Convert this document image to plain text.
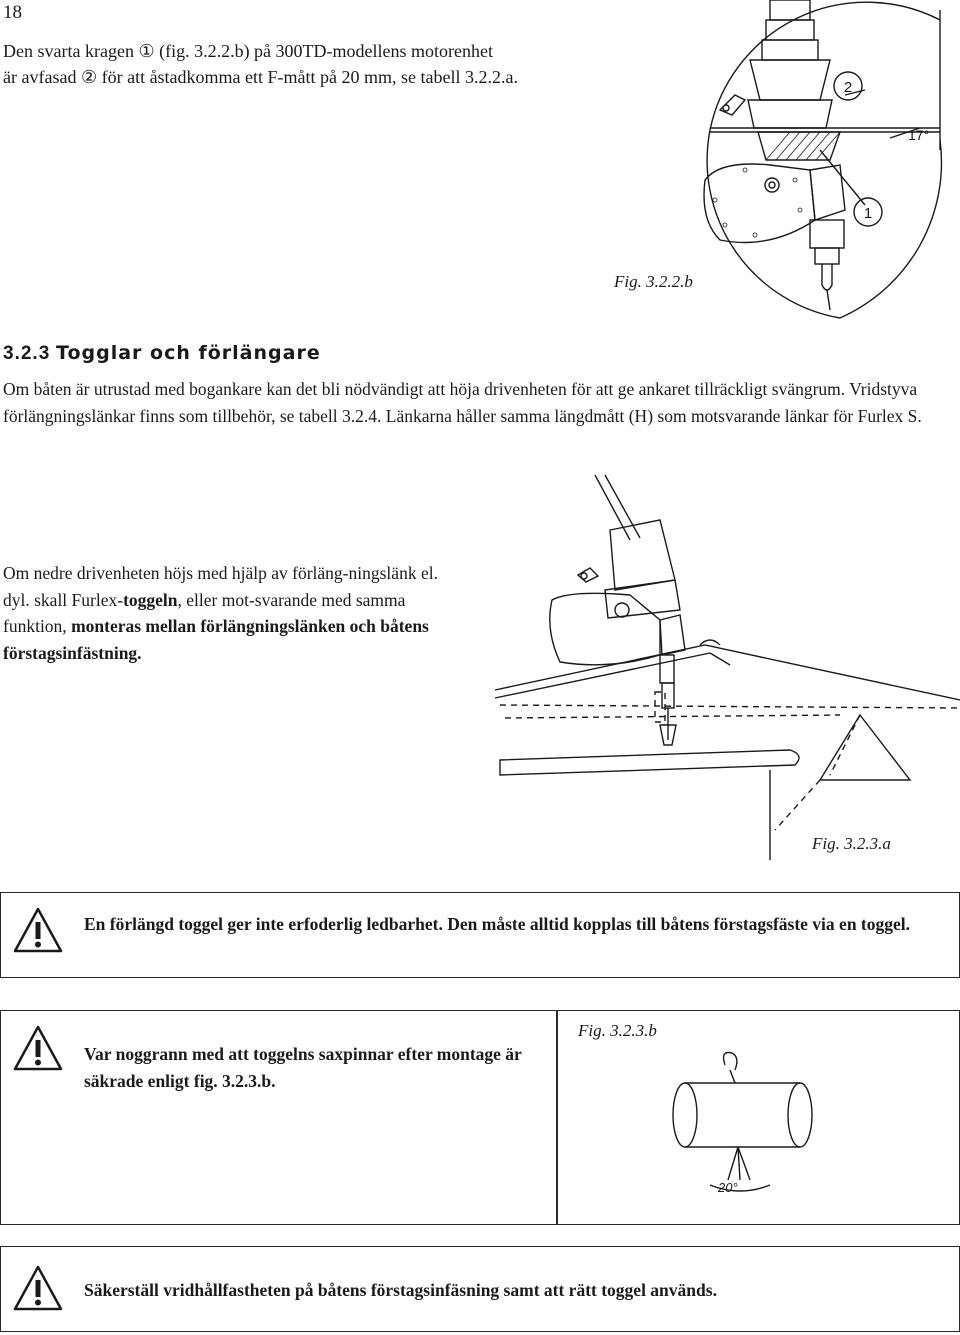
18

Den svarta kragen ① (fig. 3.2.2.b) på 300TD-modellens motorenhet

är avfasad ② för att åstadkomma ett F-mått på 20 mm, se tabell 3.2.2.a.

2
1
17°
Fig. 3.2.2.b
3.2.3 Togglar och förlängare

Om båten är utrustad med bogankare kan det bli nödvändigt att höja drivenheten för att ge ankaret tillräckligt svängrum. Vridstyva förlängningslänkar finns som tillbehör, se tabell 3.2.4. Länkarna håller samma längdmått (H) som motsvarande länkar för Furlex S.

Om nedre drivenheten höjs med hjälp av förläng-ningslänk el. dyl. skall Furlex-toggeln, eller mot-svarande med samma funktion, monteras mellan förlängningslänken och båtens förstagsinfästning.

Fig. 3.2.3.a

En förlängd toggel ger inte erfoderlig ledbarhet. Den måste alltid kopplas till båtens förstagsfäste via en toggel.

Var noggrann med att toggelns saxpinnar efter montage är säkrade enligt fig. 3.2.3.b.

Fig. 3.2.3.b
20°

Säkerställ vridhållfastheten på båtens förstagsinfäsning samt att rätt toggel används.
